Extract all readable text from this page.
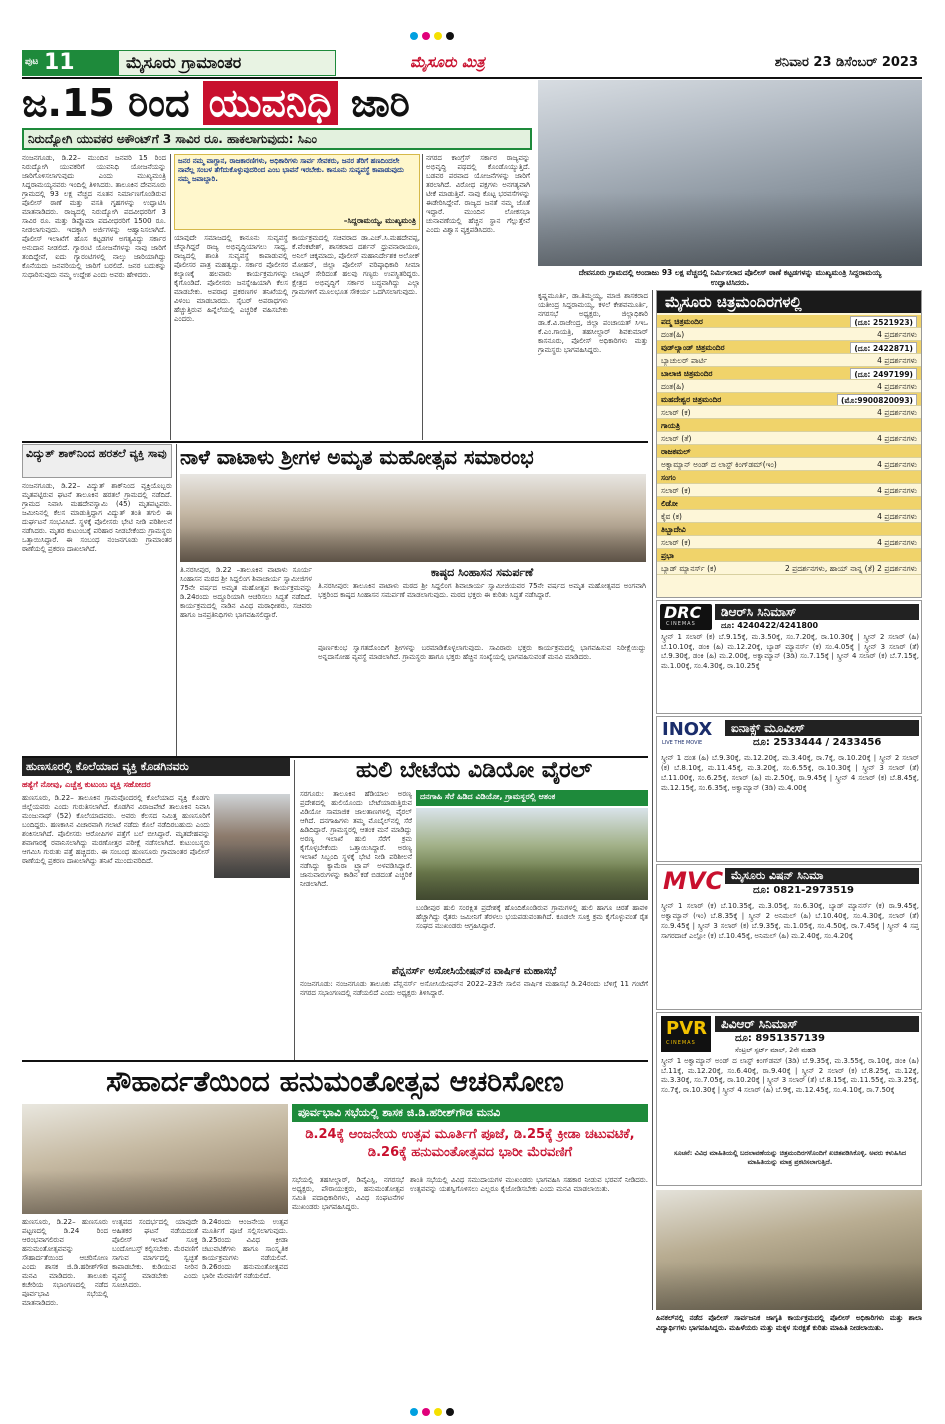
ಪುಟ 11	ಮೈಸೂರು ಗ್ರಾಮಾಂತರ	ಮೈಸೂರು ಮಿತ್ರ	ಶನಿವಾರ 23 ಡಿಸೆಂಬರ್ 2023
ಜ.15 ರಿಂದ ಯುವನಿಧಿ ಜಾರಿ
ನಿರುದ್ಯೋಗಿ ಯುವಕರ ಅಕೌಂಟ್‌ಗೆ 3 ಸಾವಿರ ರೂ. ಹಾಕಲಾಗುವುದು: ಸಿಎಂ
ನಂಜನಗೂಡು, ಡಿ.22– ಮುಂದಿನ ಜನವರಿ 15 ರಿಂದ ನಿರುದ್ಯೋಗಿ ಯುವಕರಿಗೆ ಯುವನಿಧಿ ಯೋಜನೆಯನ್ನು ಜಾರಿಗೊಳಿಸಲಾಗುವುದು ಎಂದು ಮುಖ್ಯಮಂತ್ರಿ ಸಿದ್ದರಾಮಯ್ಯನವರು ಇಂದಿಲ್ಲಿ ತಿಳಿಸಿದರು. ತಾಲೂಕಿನ ದೇವನೂರು ಗ್ರಾಮದಲ್ಲಿ 93 ಲಕ್ಷ ವೆಚ್ಚದ ನೂತನ ನಿರ್ಮಾಣಗೊಂಡಿರುವ ಪೊಲೀಸ್ ಠಾಣೆ ಮತ್ತು ವಸತಿ ಗೃಹಗಳನ್ನು ಉದ್ಘಾಟಿಸಿ ಮಾತನಾಡಿದರು. ರಾಜ್ಯದಲ್ಲಿ ನಿರುದ್ಯೋಗಿ ಪದವೀಧರರಿಗೆ 3 ಸಾವಿರ ರೂ. ಮತ್ತು ಡಿಪ್ಲೊಮಾ ಪದವೀಧರರಿಗೆ 1500 ರೂ. ನೀಡಲಾಗುವುದು. ಇದಕ್ಕಾಗಿ ಅರ್ಜಿಗಳನ್ನು ಆಹ್ವಾನಿಸಲಾಗಿದೆ. ಪೊಲೀಸ್ ಇಲಾಖೆಗೆ ಹೊಸ ಕಟ್ಟಡಗಳ ಅಗತ್ಯವಿದ್ದು ಸರ್ಕಾರ ಅನುದಾನ ನೀಡಲಿದೆ. ಗ್ಯಾರಂಟಿ ಯೋಜನೆಗಳನ್ನು ನಾವು ಜಾರಿಗೆ ತಂದಿದ್ದೇವೆ, ಐದು ಗ್ಯಾರಂಟಿಗಳಲ್ಲಿ ನಾಲ್ಕು ಜಾರಿಯಾಗಿದ್ದು ಕೊನೆಯದು ಜನವರಿಯಲ್ಲಿ ಜಾರಿಗೆ ಬರಲಿದೆ. ಜನರ ಬದುಕನ್ನು ಸುಧಾರಿಸುವುದು ನಮ್ಮ ಉದ್ದೇಶ ಎಂದು ಅವರು ಹೇಳಿದರು.
ಜನರ ನಮ್ಮ ವಾಗ್ದಾನ, ರಾಜಕಾರಣಿಗಳು, ಅಧಿಕಾರಿಗಳು ಸಾರ್ವ ಸೇವಕರು, ಜನರ ತೆರಿಗೆ ಹಣದಿಂದಲೇ ನಾವೆಲ್ಲ ಸಂಬಳ ತೆಗೆದುಕೊಳ್ಳುವುದರಿಂದ ಎಂಬ ಭಾವನೆ ಇರಬೇಕು. ಕಾನೂನು ಸುವ್ಯವಸ್ಥೆ ಕಾಪಾಡುವುದು ನಮ್ಮ ಜವಾಬ್ದಾರಿ.
–ಸಿದ್ದರಾಮಯ್ಯ, ಮುಖ್ಯಮಂತ್ರಿ
ಯಾವುದೇ ಸಮಾಜದಲ್ಲಿ ಕಾನೂನು ಸುವ್ಯವಸ್ಥೆ ಚೆನ್ನಾಗಿದ್ದರೆ ರಾಜ್ಯ ಅಭಿವೃದ್ಧಿಯಾಗಲು ಸಾಧ್ಯ. ರಾಜ್ಯದಲ್ಲಿ ಶಾಂತಿ ಸುವ್ಯವಸ್ಥೆ ಕಾಪಾಡುವಲ್ಲಿ ಪೊಲೀಸರ ಪಾತ್ರ ಮಹತ್ವದ್ದು. ಸರ್ಕಾರ ಪೊಲೀಸರ ಕಲ್ಯಾಣಕ್ಕೆ ಹಲವಾರು ಕಾರ್ಯಕ್ರಮಗಳನ್ನು ಕೈಗೊಂಡಿದೆ. ಪೊಲೀಸರು ಜನಸ್ನೇಹಿಯಾಗಿ ಕೆಲಸ ಮಾಡಬೇಕು. ಅಪರಾಧ ಪ್ರಕರಣಗಳ ತನಿಖೆಯಲ್ಲಿ ವಿಳಂಬ ಮಾಡಬಾರದು. ಸೈಬರ್ ಅಪರಾಧಗಳು ಹೆಚ್ಚುತ್ತಿರುವ ಹಿನ್ನೆಲೆಯಲ್ಲಿ ಎಚ್ಚರಿಕೆ ವಹಿಸಬೇಕು ಎಂದರು.
ಕಾರ್ಯಕ್ರಮದಲ್ಲಿ ಸಚಿವರಾದ ಡಾ.ಎಚ್.ಸಿ.ಮಹದೇವಪ್ಪ, ಕೆ.ವೆಂಕಟೇಶ್, ಶಾಸಕರಾದ ದರ್ಶನ್ ಧ್ರುವನಾರಾಯಣ, ಅನಿಲ್ ಚಿಕ್ಕಮಾದು, ಪೊಲೀಸ್ ಮಹಾನಿರ್ದೇಶಕ ಅಲೋಕ್ ಮೋಹನ್, ಜಿಲ್ಲಾ ಪೊಲೀಸ್ ವರಿಷ್ಠಾಧಿಕಾರಿ ಸೀಮಾ ಲಾಟ್ಕರ್ ಸೇರಿದಂತೆ ಹಲವು ಗಣ್ಯರು ಉಪಸ್ಥಿತರಿದ್ದರು. ಕ್ಷೇತ್ರದ ಅಭಿವೃದ್ಧಿಗೆ ಸರ್ಕಾರ ಬದ್ಧವಾಗಿದ್ದು ಎಲ್ಲಾ ಗ್ರಾಮಗಳಿಗೆ ಮೂಲಭೂತ ಸೌಕರ್ಯ ಒದಗಿಸಲಾಗುವುದು.
ನಗರದ ಕಾಂಗ್ರೆಸ್ ಸರ್ಕಾರ ರಾಜ್ಯವನ್ನು ಅಭಿವೃದ್ಧಿ ಪಥದಲ್ಲಿ ಕೊಂಡೊಯ್ಯುತ್ತಿದೆ. ಬಡವರ ಪರವಾದ ಯೋಜನೆಗಳನ್ನು ಜಾರಿಗೆ ತರಲಾಗಿದೆ. ವಿರೋಧ ಪಕ್ಷಗಳು ಅನಗತ್ಯವಾಗಿ ಟೀಕೆ ಮಾಡುತ್ತಿವೆ. ನಾವು ಕೊಟ್ಟ ಭರವಸೆಗಳನ್ನು ಈಡೇರಿಸಿದ್ದೇವೆ. ರಾಜ್ಯದ ಜನತೆ ನಮ್ಮ ಜೊತೆ ಇದ್ದಾರೆ. ಮುಂದಿನ ಲೋಕಸಭಾ ಚುನಾವಣೆಯಲ್ಲಿ ಹೆಚ್ಚಿನ ಸ್ಥಾನ ಗೆಲ್ಲುತ್ತೇವೆ ಎಂದು ವಿಶ್ವಾಸ ವ್ಯಕ್ತಪಡಿಸಿದರು.
ದೇವನೂರು ಗ್ರಾಮದಲ್ಲಿ ಅಂದಾಜು 93 ಲಕ್ಷ ವೆಚ್ಚದಲ್ಲಿ ನಿರ್ಮಿಸಲಾದ ಪೊಲೀಸ್ ಠಾಣೆ ಕಟ್ಟಡಗಳನ್ನು ಮುಖ್ಯಮಂತ್ರಿ ಸಿದ್ದರಾಮಯ್ಯ ಉದ್ಘಾಟಿಸಿದರು.
ಕೃಷ್ಣಮೂರ್ತಿ, ಡಾ.ತಿಮ್ಮಯ್ಯ, ಮಾಜಿ ಶಾಸಕರಾದ ಯತೀಂದ್ರ ಸಿದ್ದರಾಮಯ್ಯ, ಕಳಲೆ ಕೇಶವಮೂರ್ತಿ, ನಗರಸಭೆ ಅಧ್ಯಕ್ಷರು, ಜಿಲ್ಲಾಧಿಕಾರಿ ಡಾ.ಕೆ.ವಿ.ರಾಜೇಂದ್ರ, ಜಿಲ್ಲಾ ಪಂಚಾಯತ್ ಸಿಇಒ ಕೆ.ಎಂ.ಗಾಯತ್ರಿ, ತಹಸೀಲ್ದಾರ್ ಶಿವಕುಮಾರ್ ಕಾಸನೂರು, ಪೊಲೀಸ್ ಅಧಿಕಾರಿಗಳು ಮತ್ತು ಗ್ರಾಮಸ್ಥರು ಭಾಗವಹಿಸಿದ್ದರು.
ಮೈಸೂರು ಚಿತ್ರಮಂದಿರಗಳಲ್ಲಿ
ಪದ್ಮ ಚಿತ್ರಮಂದಿರ	(ದೂ: 2521923)
ದಂತ(ಹಿ)	4 ಪ್ರದರ್ಶನಗಳು
ವುಡ್‌ಲ್ಯಾಂಡ್ ಚಿತ್ರಮಂದಿರ	(ದೂ: 2422871)
ಬ್ಯಾಚುಲರ್ ಪಾರ್ಟಿ	4 ಪ್ರದರ್ಶನಗಳು
ಬಾಲಾಜಿ ಚಿತ್ರಮಂದಿರ	(ದೂ: 2497199)
ದಂತ(ಹಿ)	4 ಪ್ರದರ್ಶನಗಳು
ಮಹದೇಶ್ವರ ಚಿತ್ರಮಂದಿರ	(ಮೊ:9900820093)
ಸಲಾರ್ (ಕ)	4 ಪ್ರದರ್ಶನಗಳು
ಗಾಯತ್ರಿ
ಸಲಾರ್ (ತೆ)	4 ಪ್ರದರ್ಶನಗಳು
ರಾಜಕಮಲ್
ಅಕ್ವಾಮ್ಯಾನ್ ಅಂಡ್ ದ ಲಾಸ್ಟ್ ಕಿಂಗ್‌ಡಮ್(ಇಂ)	4 ಪ್ರದರ್ಶನಗಳು
ಸಂಗಂ
ಸಲಾರ್ (ಕ)	4 ಪ್ರದರ್ಶನಗಳು
ಲಿಡೋ
ಕೈವ (ಕ)	4 ಪ್ರದರ್ಶನಗಳು
ತಿಬ್ಬಾದೇವಿ
ಸಲಾರ್ (ಕ)	4 ಪ್ರದರ್ಶನಗಳು
ಪ್ರಭಾ
ಬ್ಯಾಡ್ ಮ್ಯಾನರ್ಸ್ (ಕ)	2 ಪ್ರದರ್ಶನಗಳು, ಹಾಯ್ ನಾನ್ನ (ತೆ) 2 ಪ್ರದರ್ಶನಗಳು
DRC
CINEMAS
ಡಿಆರ್‌ಸಿ ಸಿನಿಮಾಸ್
ದೂ: 4240422/4241800
ಸ್ಕ್ರೀನ್ 1 ಸಲಾರ್ (ಕ) ಬೆ.9.15ಕ್ಕೆ, ಮ.3.50ಕ್ಕೆ, ಸಂ.7.20ಕ್ಕೆ, ರಾ.10.30ಕ್ಕೆ | ಸ್ಕ್ರೀನ್ 2 ಸಲಾರ್ (ಹಿ) ಬೆ.10.10ಕ್ಕೆ, ಡಂಕಿ (ಹಿ) ಮ.12.20ಕ್ಕೆ, ಬ್ಯಾಡ್ ಮ್ಯಾನರ್ಸ್ (ಕ) ಸಂ.4.05ಕ್ಕೆ | ಸ್ಕ್ರೀನ್ 3 ಸಲಾರ್ (ತೆ) ಬೆ.9.30ಕ್ಕೆ, ಡಂಕಿ (ಹಿ) ಮ.2.00ಕ್ಕೆ, ಅಕ್ವಾಮ್ಯಾನ್ (3ಡಿ) ಸಂ.7.15ಕ್ಕೆ | ಸ್ಕ್ರೀನ್ 4 ಸಲಾರ್ (ಕ) ಬೆ.7.15ಕ್ಕೆ, ಮ.1.00ಕ್ಕೆ, ಸಂ.4.30ಕ್ಕೆ, ರಾ.10.25ಕ್ಕೆ
INOX
LIVE THE MOVIE
ಐನಾಕ್ಸ್ ಮೂವೀಸ್
ದೂ: 2533444 / 2433456
ಸ್ಕ್ರೀನ್ 1 ದಂತ (ಹಿ) ಬೆ.9.30ಕ್ಕೆ, ಮ.12.20ಕ್ಕೆ, ಮ.3.40ಕ್ಕೆ, ರಾ.7ಕ್ಕೆ, ರಾ.10.20ಕ್ಕೆ | ಸ್ಕ್ರೀನ್ 2 ಸಲಾರ್ (ಕ) ಬೆ.8.10ಕ್ಕೆ, ಮ.11.45ಕ್ಕೆ, ಮ.3.20ಕ್ಕೆ, ಸಂ.6.55ಕ್ಕೆ, ರಾ.10.30ಕ್ಕೆ | ಸ್ಕ್ರೀನ್ 3 ಸಲಾರ್ (ತೆ) ಬೆ.11.00ಕ್ಕೆ, ಸಂ.6.25ಕ್ಕೆ, ಸಲಾರ್ (ಹಿ) ಮ.2.50ಕ್ಕೆ, ರಾ.9.45ಕ್ಕೆ | ಸ್ಕ್ರೀನ್ 4 ಸಲಾರ್ (ಕ) ಬೆ.8.45ಕ್ಕೆ, ಮ.12.15ಕ್ಕೆ, ಸಂ.6.35ಕ್ಕೆ, ಅಕ್ವಾಮ್ಯಾನ್ (3ಡಿ) ಮ.4.00ಕ್ಕೆ
MVC ಮೈಸೂರು ವಿಷನ್ ಸಿನಿಮಾ
ದೂ: 0821-2973519
ಸ್ಕ್ರೀನ್ 1 ಸಲಾರ್ (ಕ) ಬೆ.10.35ಕ್ಕೆ, ಮ.3.05ಕ್ಕೆ, ಸಂ.6.30ಕ್ಕೆ, ಬ್ಯಾಡ್ ಮ್ಯಾನರ್ಸ್ (ಕ) ರಾ.9.45ಕ್ಕೆ, ಅಕ್ವಾಮ್ಯಾನ್ (ಇಂ) ಬೆ.8.35ಕ್ಕೆ | ಸ್ಕ್ರೀನ್ 2 ಅನಿಮಲ್ (ಹಿ) ಬೆ.10.40ಕ್ಕೆ, ಸಂ.4.30ಕ್ಕೆ, ಸಲಾರ್ (ತೆ) ಸಂ.9.45ಕ್ಕೆ | ಸ್ಕ್ರೀನ್ 3 ಸಲಾರ್ (ಕ) ಬೆ.9.35ಕ್ಕೆ, ಮ.1.05ಕ್ಕೆ, ಸಂ.4.50ಕ್ಕೆ, ರಾ.7.45ಕ್ಕೆ | ಸ್ಕ್ರೀನ್ 4 ಸಪ್ತ ಸಾಗರದಾಚೆ ಎಲ್ಲೋ (ಕ) ಬೆ.10.45ಕ್ಕೆ, ಅನಿಮಲ್ (ಹಿ) ಮ.2.40ಕ್ಕೆ, ಸಂ.4.20ಕ್ಕೆ
PVR
CINEMAS
ಪಿವಿಆರ್ ಸಿನಿಮಾಸ್
ದೂ: 8951357139
ಸೆಂಟ್ರಲ್ ಸ್ಪರ್ಟ್ ಮಾಲ್, 2ನೇ ಮಹಡಿ
ಸ್ಕ್ರೀನ್ 1 ಅಕ್ವಾಮ್ಯಾನ್ ಅಂಡ್ ದ ಲಾಸ್ಟ್ ಕಿಂಗ್‌ಡಮ್ (3ಡಿ) ಬೆ.9.35ಕ್ಕೆ, ಮ.3.55ಕ್ಕೆ, ರಾ.10ಕ್ಕೆ, ಡಂಕಿ (ಹಿ) ಬೆ.11ಕ್ಕೆ, ಮ.12.20ಕ್ಕೆ, ಸಂ.6.40ಕ್ಕೆ, ರಾ.9.40ಕ್ಕೆ | ಸ್ಕ್ರೀನ್ 2 ಸಲಾರ್ (ಕ) ಬೆ.8.25ಕ್ಕೆ, ಮ.12ಕ್ಕೆ, ಮ.3.30ಕ್ಕೆ, ಸಂ.7.05ಕ್ಕೆ, ರಾ.10.20ಕ್ಕೆ | ಸ್ಕ್ರೀನ್ 3 ಸಲಾರ್ (ತೆ) ಬೆ.8.15ಕ್ಕೆ, ಮ.11.55ಕ್ಕೆ, ಮ.3.25ಕ್ಕೆ, ಸಂ.7ಕ್ಕೆ, ರಾ.10.30ಕ್ಕೆ | ಸ್ಕ್ರೀನ್ 4 ಸಲಾರ್ (ಹಿ) ಬೆ.9ಕ್ಕೆ, ಮ.12.45ಕ್ಕೆ, ಸಂ.4.10ಕ್ಕೆ, ರಾ.7.50ಕ್ಕೆ
ಸೂಚನೆ: ವಿವಿಧ ಮಾಹಿತಿಯಲ್ಲಿ ಬದಲಾವಣೆಯನ್ನು ಚಿತ್ರಮಂದಿರಗಳೊಂದಿಗೆ ಖಚಿತಪಡಿಸಿಕೊಳ್ಳಿ. ಅವರು ಕಳುಹಿಸಿದ ಮಾಹಿತಿಯನ್ನು ಮಾತ್ರ ಪ್ರಕಟಿಸಲಾಗುತ್ತಿದೆ.
ವಿದ್ಯುತ್ ಶಾಕ್‌ನಿಂದ ಹರತಲೆ ವ್ಯಕ್ತಿ ಸಾವು
ನಂಜನಗೂಡು, ಡಿ.22– ವಿದ್ಯುತ್ ಶಾಕ್‌ನಿಂದ ವ್ಯಕ್ತಿಯೊಬ್ಬರು ಮೃತಪಟ್ಟಿರುವ ಘಟನೆ ತಾಲೂಕಿನ ಹರತಲೆ ಗ್ರಾಮದಲ್ಲಿ ನಡೆದಿದೆ. ಗ್ರಾಮದ ನಿವಾಸಿ ಮಹದೇವಸ್ವಾಮಿ (45) ಮೃತಪಟ್ಟವರು. ಜಮೀನಿನಲ್ಲಿ ಕೆಲಸ ಮಾಡುತ್ತಿದ್ದಾಗ ವಿದ್ಯುತ್ ತಂತಿ ತಗುಲಿ ಈ ದುರ್ಘಟನೆ ಸಂಭವಿಸಿದೆ. ಸ್ಥಳಕ್ಕೆ ಪೊಲೀಸರು ಭೇಟಿ ನೀಡಿ ಪರಿಶೀಲನೆ ನಡೆಸಿದರು. ಮೃತರ ಕುಟುಂಬಕ್ಕೆ ಪರಿಹಾರ ನೀಡಬೇಕೆಂದು ಗ್ರಾಮಸ್ಥರು ಒತ್ತಾಯಿಸಿದ್ದಾರೆ. ಈ ಸಂಬಂಧ ನಂಜನಗೂಡು ಗ್ರಾಮಾಂತರ ಠಾಣೆಯಲ್ಲಿ ಪ್ರಕರಣ ದಾಖಲಾಗಿದೆ.
ನಾಳೆ ವಾಟಾಳು ಶ್ರೀಗಳ ಅಮೃತ ಮಹೋತ್ಸವ ಸಮಾರಂಭ
ತಿ.ನರಸೀಪುರ, ಡಿ.22 –ತಾಲೂಕಿನ ವಾಟಾಳು ಸೂರ್ಯ ಸಿಂಹಾಸನ ಮಠದ ಶ್ರೀ ಸಿದ್ದಲಿಂಗ ಶಿವಾಚಾರ್ಯ ಸ್ವಾಮೀಜಿಗಳ 75ನೇ ವರ್ಷದ ಅಮೃತ ಮಹೋತ್ಸವ ಕಾರ್ಯಕ್ರಮವನ್ನು ಡಿ.24ರಂದು ಅದ್ಧೂರಿಯಾಗಿ ಆಚರಿಸಲು ಸಿದ್ಧತೆ ನಡೆದಿದೆ. ಕಾರ್ಯಕ್ರಮದಲ್ಲಿ ನಾಡಿನ ವಿವಿಧ ಮಠಾಧೀಶರು, ಸಚಿವರು ಹಾಗೂ ಜನಪ್ರತಿನಿಧಿಗಳು ಭಾಗವಹಿಸಲಿದ್ದಾರೆ.
ಕಾಷ್ಠದ ಸಿಂಹಾಸನ ಸಮರ್ಪಣೆ
ತಿ.ನರಸೀಪುರ: ತಾಲೂಕಿನ ವಾಟಾಳು ಮಠದ ಶ್ರೀ ಸಿದ್ದಲಿಂಗ ಶಿವಾಚಾರ್ಯ ಸ್ವಾಮೀಜಿಯವರ 75ನೇ ವರ್ಷದ ಅಮೃತ ಮಹೋತ್ಸವದ ಅಂಗವಾಗಿ ಭಕ್ತರಿಂದ ಕಾಷ್ಠದ ಸಿಂಹಾಸನ ಸಮರ್ಪಣೆ ಮಾಡಲಾಗುವುದು. ಮಠದ ಭಕ್ತರು ಈ ಕುರಿತು ಸಿದ್ಧತೆ ನಡೆಸಿದ್ದಾರೆ.
ಪೂರ್ಣಕುಂಭ ಸ್ವಾಗತದೊಂದಿಗೆ ಶ್ರೀಗಳನ್ನು ಬರಮಾಡಿಕೊಳ್ಳಲಾಗುವುದು. ಸಾವಿರಾರು ಭಕ್ತರು ಕಾರ್ಯಕ್ರಮದಲ್ಲಿ ಭಾಗವಹಿಸುವ ನಿರೀಕ್ಷೆಯಿದ್ದು ಅನ್ನದಾಸೋಹ ವ್ಯವಸ್ಥೆ ಮಾಡಲಾಗಿದೆ. ಗ್ರಾಮಸ್ಥರು ಹಾಗೂ ಭಕ್ತರು ಹೆಚ್ಚಿನ ಸಂಖ್ಯೆಯಲ್ಲಿ ಭಾಗವಹಿಸುವಂತೆ ಮನವಿ ಮಾಡಿದರು.
ಹುಣಸೂರಲ್ಲಿ ಕೊಲೆಯಾದ ವ್ಯಕ್ತಿ ಕೊಡಗಿನವರು
ಹತ್ಯೆಗೆ ನೋವು, ಎಚ್ಚೆತ್ತ ಕುಟುಂಬ ವ್ಯಕ್ತಿ ಸಹೋದರ
ಹುಣಸೂರು, ಡಿ.22– ತಾಲೂಕಿನ ಗ್ರಾಮವೊಂದರಲ್ಲಿ ಕೊಲೆಯಾದ ವ್ಯಕ್ತಿ ಕೊಡಗು ಜಿಲ್ಲೆಯವರು ಎಂದು ಗುರುತಿಸಲಾಗಿದೆ. ಕೊಡಗಿನ ವಿರಾಜಪೇಟೆ ತಾಲೂಕಿನ ನಿವಾಸಿ ಮಂಜುನಾಥ್ (52) ಕೊಲೆಯಾದವರು. ಅವರು ಕೆಲಸದ ನಿಮಿತ್ತ ಹುಣಸೂರಿಗೆ ಬಂದಿದ್ದರು. ಹಣಕಾಸಿನ ವಿಚಾರವಾಗಿ ಗಲಾಟೆ ನಡೆದು ಕೊಲೆ ನಡೆದಿರಬಹುದು ಎಂದು ಶಂಕಿಸಲಾಗಿದೆ. ಪೊಲೀಸರು ಆರೋಪಿಗಳ ಪತ್ತೆಗೆ ಬಲೆ ಬೀಸಿದ್ದಾರೆ. ಮೃತದೇಹವನ್ನು ಶವಾಗಾರಕ್ಕೆ ರವಾನಿಸಲಾಗಿದ್ದು ಮರಣೋತ್ತರ ಪರೀಕ್ಷೆ ನಡೆಸಲಾಗಿದೆ. ಕುಟುಂಬಸ್ಥರು ಆಗಮಿಸಿ ಗುರುತು ಪತ್ತೆ ಹಚ್ಚಿದರು. ಈ ಸಂಬಂಧ ಹುಣಸೂರು ಗ್ರಾಮಾಂತರ ಪೊಲೀಸ್ ಠಾಣೆಯಲ್ಲಿ ಪ್ರಕರಣ ದಾಖಲಾಗಿದ್ದು ತನಿಖೆ ಮುಂದುವರಿದಿದೆ.
ಹುಲಿ ಬೇಟೆಯ ವಿಡಿಯೋ ವೈರಲ್
ಸರಗೂರು: ತಾಲೂಕಿನ ಹೆಡಿಯಾಲ ಅರಣ್ಯ ಪ್ರದೇಶದಲ್ಲಿ ಹುಲಿಯೊಂದು ಬೇಟೆಯಾಡುತ್ತಿರುವ ವಿಡಿಯೋ ಸಾಮಾಜಿಕ ಜಾಲತಾಣಗಳಲ್ಲಿ ವೈರಲ್ ಆಗಿದೆ. ದನಗಾಹಿಗಳು ತಮ್ಮ ಮೊಬೈಲ್‌ನಲ್ಲಿ ಸೆರೆ ಹಿಡಿದಿದ್ದಾರೆ. ಗ್ರಾಮಸ್ಥರಲ್ಲಿ ಆತಂಕ ಮನೆ ಮಾಡಿದ್ದು ಅರಣ್ಯ ಇಲಾಖೆ ಹುಲಿ ಸೆರೆಗೆ ಕ್ರಮ ಕೈಗೊಳ್ಳಬೇಕೆಂದು ಒತ್ತಾಯಿಸಿದ್ದಾರೆ. ಅರಣ್ಯ ಇಲಾಖೆ ಸಿಬ್ಬಂದಿ ಸ್ಥಳಕ್ಕೆ ಭೇಟಿ ನೀಡಿ ಪರಿಶೀಲನೆ ನಡೆಸಿದ್ದು ಕ್ಯಾಮೆರಾ ಟ್ರ್ಯಾಪ್ ಅಳವಡಿಸಿದ್ದಾರೆ. ಜಾನುವಾರುಗಳನ್ನು ಕಾಡಿನ ಕಡೆ ಬಿಡದಂತೆ ಎಚ್ಚರಿಕೆ ನೀಡಲಾಗಿದೆ.
ದನಗಾಹಿ ಸೆರೆ ಹಿಡಿದ ವಿಡಿಯೋ, ಗ್ರಾಮಸ್ಥರಲ್ಲಿ ಆತಂಕ
ಬಂಡೀಪುರ ಹುಲಿ ಸಂರಕ್ಷಿತ ಪ್ರದೇಶಕ್ಕೆ ಹೊಂದಿಕೊಂಡಿರುವ ಗ್ರಾಮಗಳಲ್ಲಿ ಹುಲಿ ಹಾಗೂ ಚಿರತೆ ಹಾವಳಿ ಹೆಚ್ಚಾಗಿದ್ದು ರೈತರು ಜಮೀನಿಗೆ ತೆರಳಲು ಭಯಪಡುವಂತಾಗಿದೆ. ಕೂಡಲೇ ಸೂಕ್ತ ಕ್ರಮ ಕೈಗೊಳ್ಳುವಂತೆ ರೈತ ಸಂಘದ ಮುಖಂಡರು ಆಗ್ರಹಿಸಿದ್ದಾರೆ.
ಪೆನ್ಷನರ್ಸ್ ಅಸೋಸಿಯೇಷನ್‌ನ ವಾರ್ಷಿಕ ಮಹಾಸಭೆ
ನಂಜನಗೂಡು: ನಂಜನಗೂಡು ತಾಲೂಕು ಪೆನ್ಷನರ್ಸ್ ಅಸೋಸಿಯೇಷನ್‌ನ 2022–23ನೇ ಸಾಲಿನ ವಾರ್ಷಿಕ ಮಹಾಸಭೆ ಡಿ.24ರಂದು ಬೆಳಿಗ್ಗೆ 11 ಗಂಟೆಗೆ ನಗರದ ಸಭಾಂಗಣದಲ್ಲಿ ನಡೆಯಲಿದೆ ಎಂದು ಅಧ್ಯಕ್ಷರು ತಿಳಿಸಿದ್ದಾರೆ.
ಸೌಹಾರ್ದತೆಯಿಂದ ಹನುಮಂತೋತ್ಸವ ಆಚರಿಸೋಣ
ಪೂರ್ವಭಾವಿ ಸಭೆಯಲ್ಲಿ ಶಾಸಕ ಜಿ.ಡಿ.ಹರೀಶ್‌ಗೌಡ ಮನವಿ
ಡಿ.24ಕ್ಕೆ ಆಂಜನೇಯ ಉತ್ಸವ ಮೂರ್ತಿಗೆ ಪೂಜೆ, ಡಿ.25ಕ್ಕೆ ಕ್ರೀಡಾ ಚಟುವಟಿಕೆ, ಡಿ.26ಕ್ಕೆ ಹನುಮಂತೋತ್ಸವದ ಭಾರೀ ಮೆರವಣಿಗೆ
ಹುಣಸೂರು, ಡಿ.22– ಹುಣಸೂರು ಪಟ್ಟಣದಲ್ಲಿ ಡಿ.24 ರಿಂದ ಆರಂಭವಾಗಲಿರುವ ಹನುಮಂತೋತ್ಸವವನ್ನು ಸೌಹಾರ್ದತೆಯಿಂದ ಆಚರಿಸೋಣ ಎಂದು ಶಾಸಕ ಜಿ.ಡಿ.ಹರೀಶ್‌ಗೌಡ ಮನವಿ ಮಾಡಿದರು. ತಾಲೂಕು ಕಚೇರಿಯ ಸಭಾಂಗಣದಲ್ಲಿ ನಡೆದ ಪೂರ್ವಭಾವಿ ಸಭೆಯಲ್ಲಿ ಮಾತನಾಡಿದರು.
ಉತ್ಸವದ ಸಂದರ್ಭದಲ್ಲಿ ಯಾವುದೇ ಅಹಿತಕರ ಘಟನೆ ನಡೆಯದಂತೆ ಪೊಲೀಸ್ ಇಲಾಖೆ ಸೂಕ್ತ ಬಂದೋಬಸ್ತ್ ಕಲ್ಪಿಸಬೇಕು. ಮೆರವಣಿಗೆ ಸಾಗುವ ಮಾರ್ಗದಲ್ಲಿ ಸ್ವಚ್ಛತೆ ಕಾಪಾಡಬೇಕು. ಕುಡಿಯುವ ನೀರಿನ ವ್ಯವಸ್ಥೆ ಮಾಡಬೇಕು ಎಂದು ಸೂಚಿಸಿದರು.
ಡಿ.24ರಂದು ಆಂಜನೇಯ ಉತ್ಸವ ಮೂರ್ತಿಗೆ ಪೂಜೆ ಸಲ್ಲಿಸಲಾಗುವುದು. ಡಿ.25ರಂದು ವಿವಿಧ ಕ್ರೀಡಾ ಚಟುವಟಿಕೆಗಳು ಹಾಗೂ ಸಾಂಸ್ಕೃತಿಕ ಕಾರ್ಯಕ್ರಮಗಳು ನಡೆಯಲಿವೆ. ಡಿ.26ರಂದು ಹನುಮಂತೋತ್ಸವದ ಭಾರೀ ಮೆರವಣಿಗೆ ನಡೆಯಲಿದೆ.
ಸಭೆಯಲ್ಲಿ ತಹಸೀಲ್ದಾರ್, ಡಿವೈಎಸ್ಪಿ, ನಗರಸಭೆ ಅಧ್ಯಕ್ಷರು, ಪೌರಾಯುಕ್ತರು, ಹನುಮಂತೋತ್ಸವ ಸಮಿತಿ ಪದಾಧಿಕಾರಿಗಳು, ವಿವಿಧ ಸಂಘಟನೆಗಳ ಮುಖಂಡರು ಭಾಗವಹಿಸಿದ್ದರು.
ಶಾಂತಿ ಸಭೆಯಲ್ಲಿ ವಿವಿಧ ಸಮುದಾಯಗಳ ಮುಖಂಡರು ಭಾಗವಹಿಸಿ ಸಹಕಾರ ನೀಡುವ ಭರವಸೆ ನೀಡಿದರು. ಉತ್ಸವವನ್ನು ಯಶಸ್ವಿಗೊಳಿಸಲು ಎಲ್ಲರೂ ಕೈಜೋಡಿಸಬೇಕು ಎಂದು ಮನವಿ ಮಾಡಲಾಯಿತು.
ಹಿನಕಲ್‌ನಲ್ಲಿ ನಡೆದ ಪೊಲೀಸ್ ಸಾರ್ವಜನಿಕ ಜಾಗೃತಿ ಕಾರ್ಯಕ್ರಮದಲ್ಲಿ ಪೊಲೀಸ್ ಅಧಿಕಾರಿಗಳು ಮತ್ತು ಶಾಲಾ ವಿದ್ಯಾರ್ಥಿಗಳು ಭಾಗವಹಿಸಿದ್ದರು. ಮಹಿಳೆಯರು ಮತ್ತು ಮಕ್ಕಳ ಸುರಕ್ಷತೆ ಕುರಿತು ಮಾಹಿತಿ ನೀಡಲಾಯಿತು.
